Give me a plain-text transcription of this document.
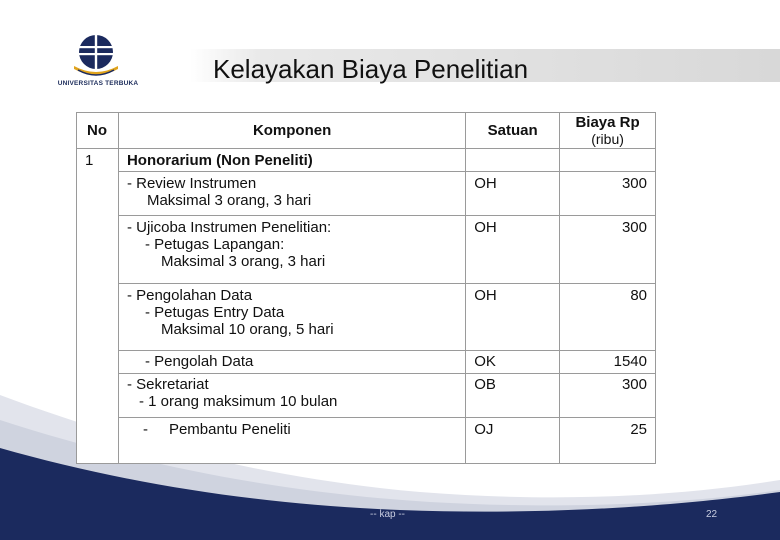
UNIVERSITAS TERBUKA	Kelayakan Biaya Penelitian
No	Komponen	Satuan	Biaya Rp
(ribu)

1	Honorarium (Non Peneliti)		

	- Review Instrumen
Maksimal 3 orang, 3 hari	OH	300

	- Ujicoba Instrumen Penelitian:
- Petugas Lapangan:
Maksimal 3 orang, 3 hari	OH	300

	- Pengolahan Data
- Petugas Entry Data
Maksimal 10 orang, 5 hari	OH	80

	- Pengolah Data	OK	1540

	- Sekretariat
- 1 orang maksimum 10 bulan	OB	300
	- Pembantu Peneliti	OJ	25
-- kap --	22
